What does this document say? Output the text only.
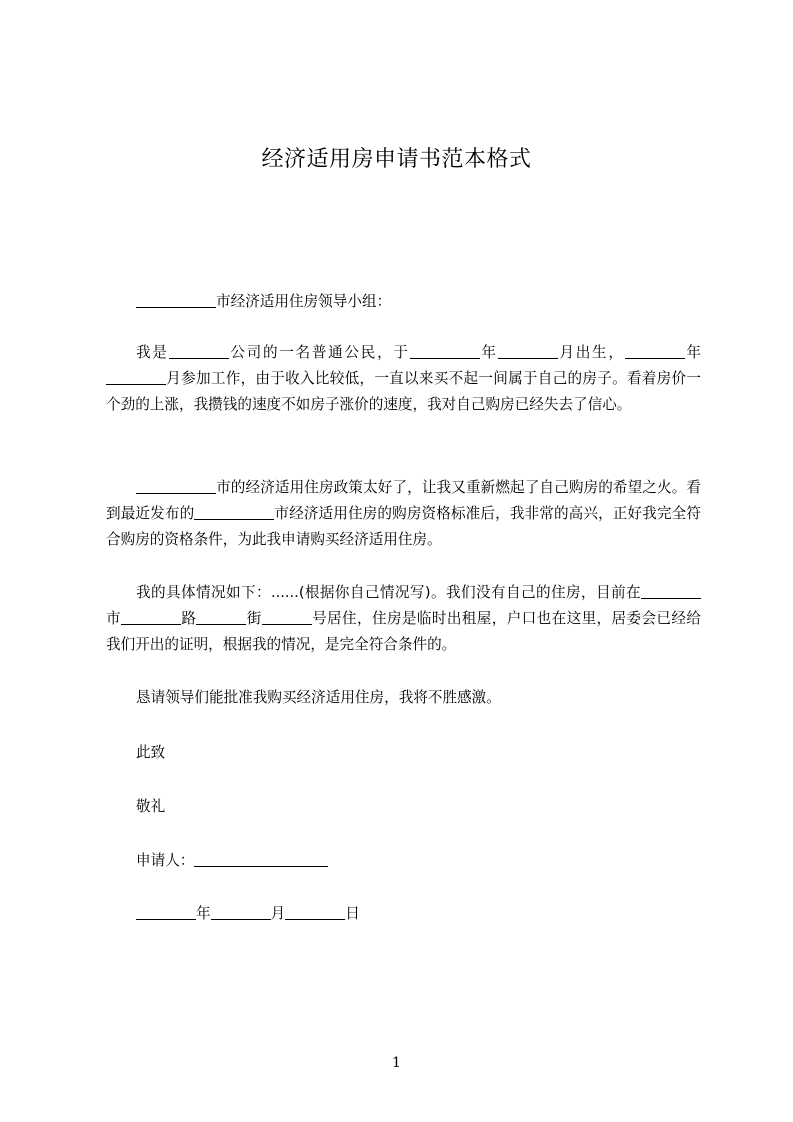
经济适用房申请书范本格式

市经济适用住房领导小组：

我是	公司的一名普通公民，于	年	月出生，	年月参加工作，由于收入比较低，一直以来买不起一间属于自己的房子。看着房价一个劲的上涨，我攒钱的速度不如房子涨价的速度，我对自己购房已经失去了信心。

市的经济适用住房政策太好了，让我又重新燃起了自己购房的希望之火。看到最近发布的	市经济适用住房的购房资格标准后，我非常的高兴，正好我完全符合购房的资格条件，为此我申请购买经济适用住房。

我的具体情况如下：......(根据你自己情况写)。我们没有自己的住房，目前在市	路	街	号居住，住房是临时出租屋，户口也在这里，居委会已经给我们开出的证明，根据我的情况，是完全符合条件的。

恳请领导们能批准我购买经济适用住房，我将不胜感激。

此致

敬礼

申请人：

年	月	日

1
